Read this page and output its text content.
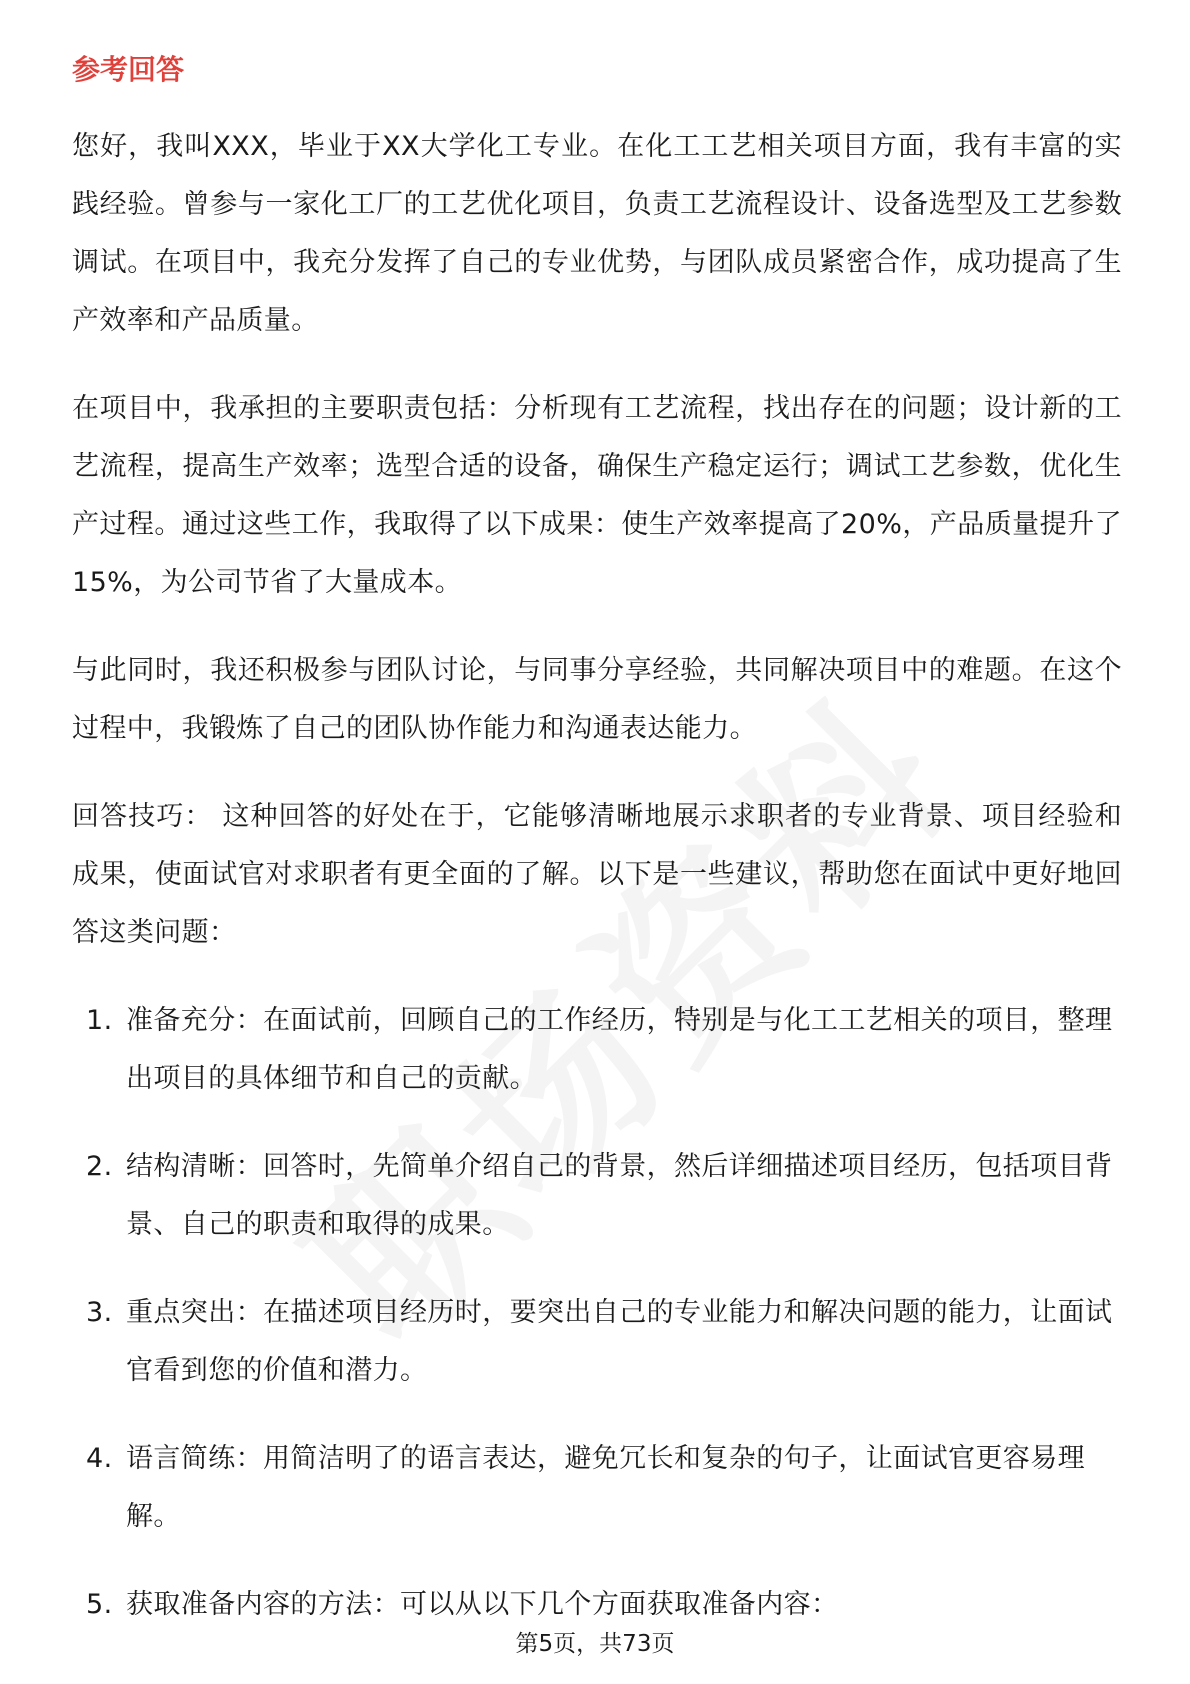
参考回答

您好，我叫XXX，毕业于XX大学化工专业。在化工工艺相关项目方面，我有丰富的实践经验。曾参与一家化工厂的工艺优化项目，负责工艺流程设计、设备选型及工艺参数调试。在项目中，我充分发挥了自己的专业优势，与团队成员紧密合作，成功提高了生产效率和产品质量。

在项目中，我承担的主要职责包括：分析现有工艺流程，找出存在的问题；设计新的工艺流程，提高生产效率；选型合适的设备，确保生产稳定运行；调试工艺参数，优化生产过程。通过这些工作，我取得了以下成果：使生产效率提高了20%，产品质量提升了15%，为公司节省了大量成本。

与此同时，我还积极参与团队讨论，与同事分享经验，共同解决项目中的难题。在这个过程中，我锻炼了自己的团队协作能力和沟通表达能力。

回答技巧： 这种回答的好处在于，它能够清晰地展示求职者的专业背景、项目经验和成果，使面试官对求职者有更全面的了解。以下是一些建议，帮助您在面试中更好地回答这类问题：

1. 准备充分：在面试前，回顾自己的工作经历，特别是与化工工艺相关的项目，整理出项目的具体细节和自己的贡献。
2. 结构清晰：回答时，先简单介绍自己的背景，然后详细描述项目经历，包括项目背景、自己的职责和取得的成果。
3. 重点突出：在描述项目经历时，要突出自己的专业能力和解决问题的能力，让面试官看到您的价值和潜力。
4. 语言简练：用简洁明了的语言表达，避免冗长和复杂的句子，让面试官更容易理解。
5. 获取准备内容的方法：可以从以下几个方面获取准备内容：
第5页，共73页
